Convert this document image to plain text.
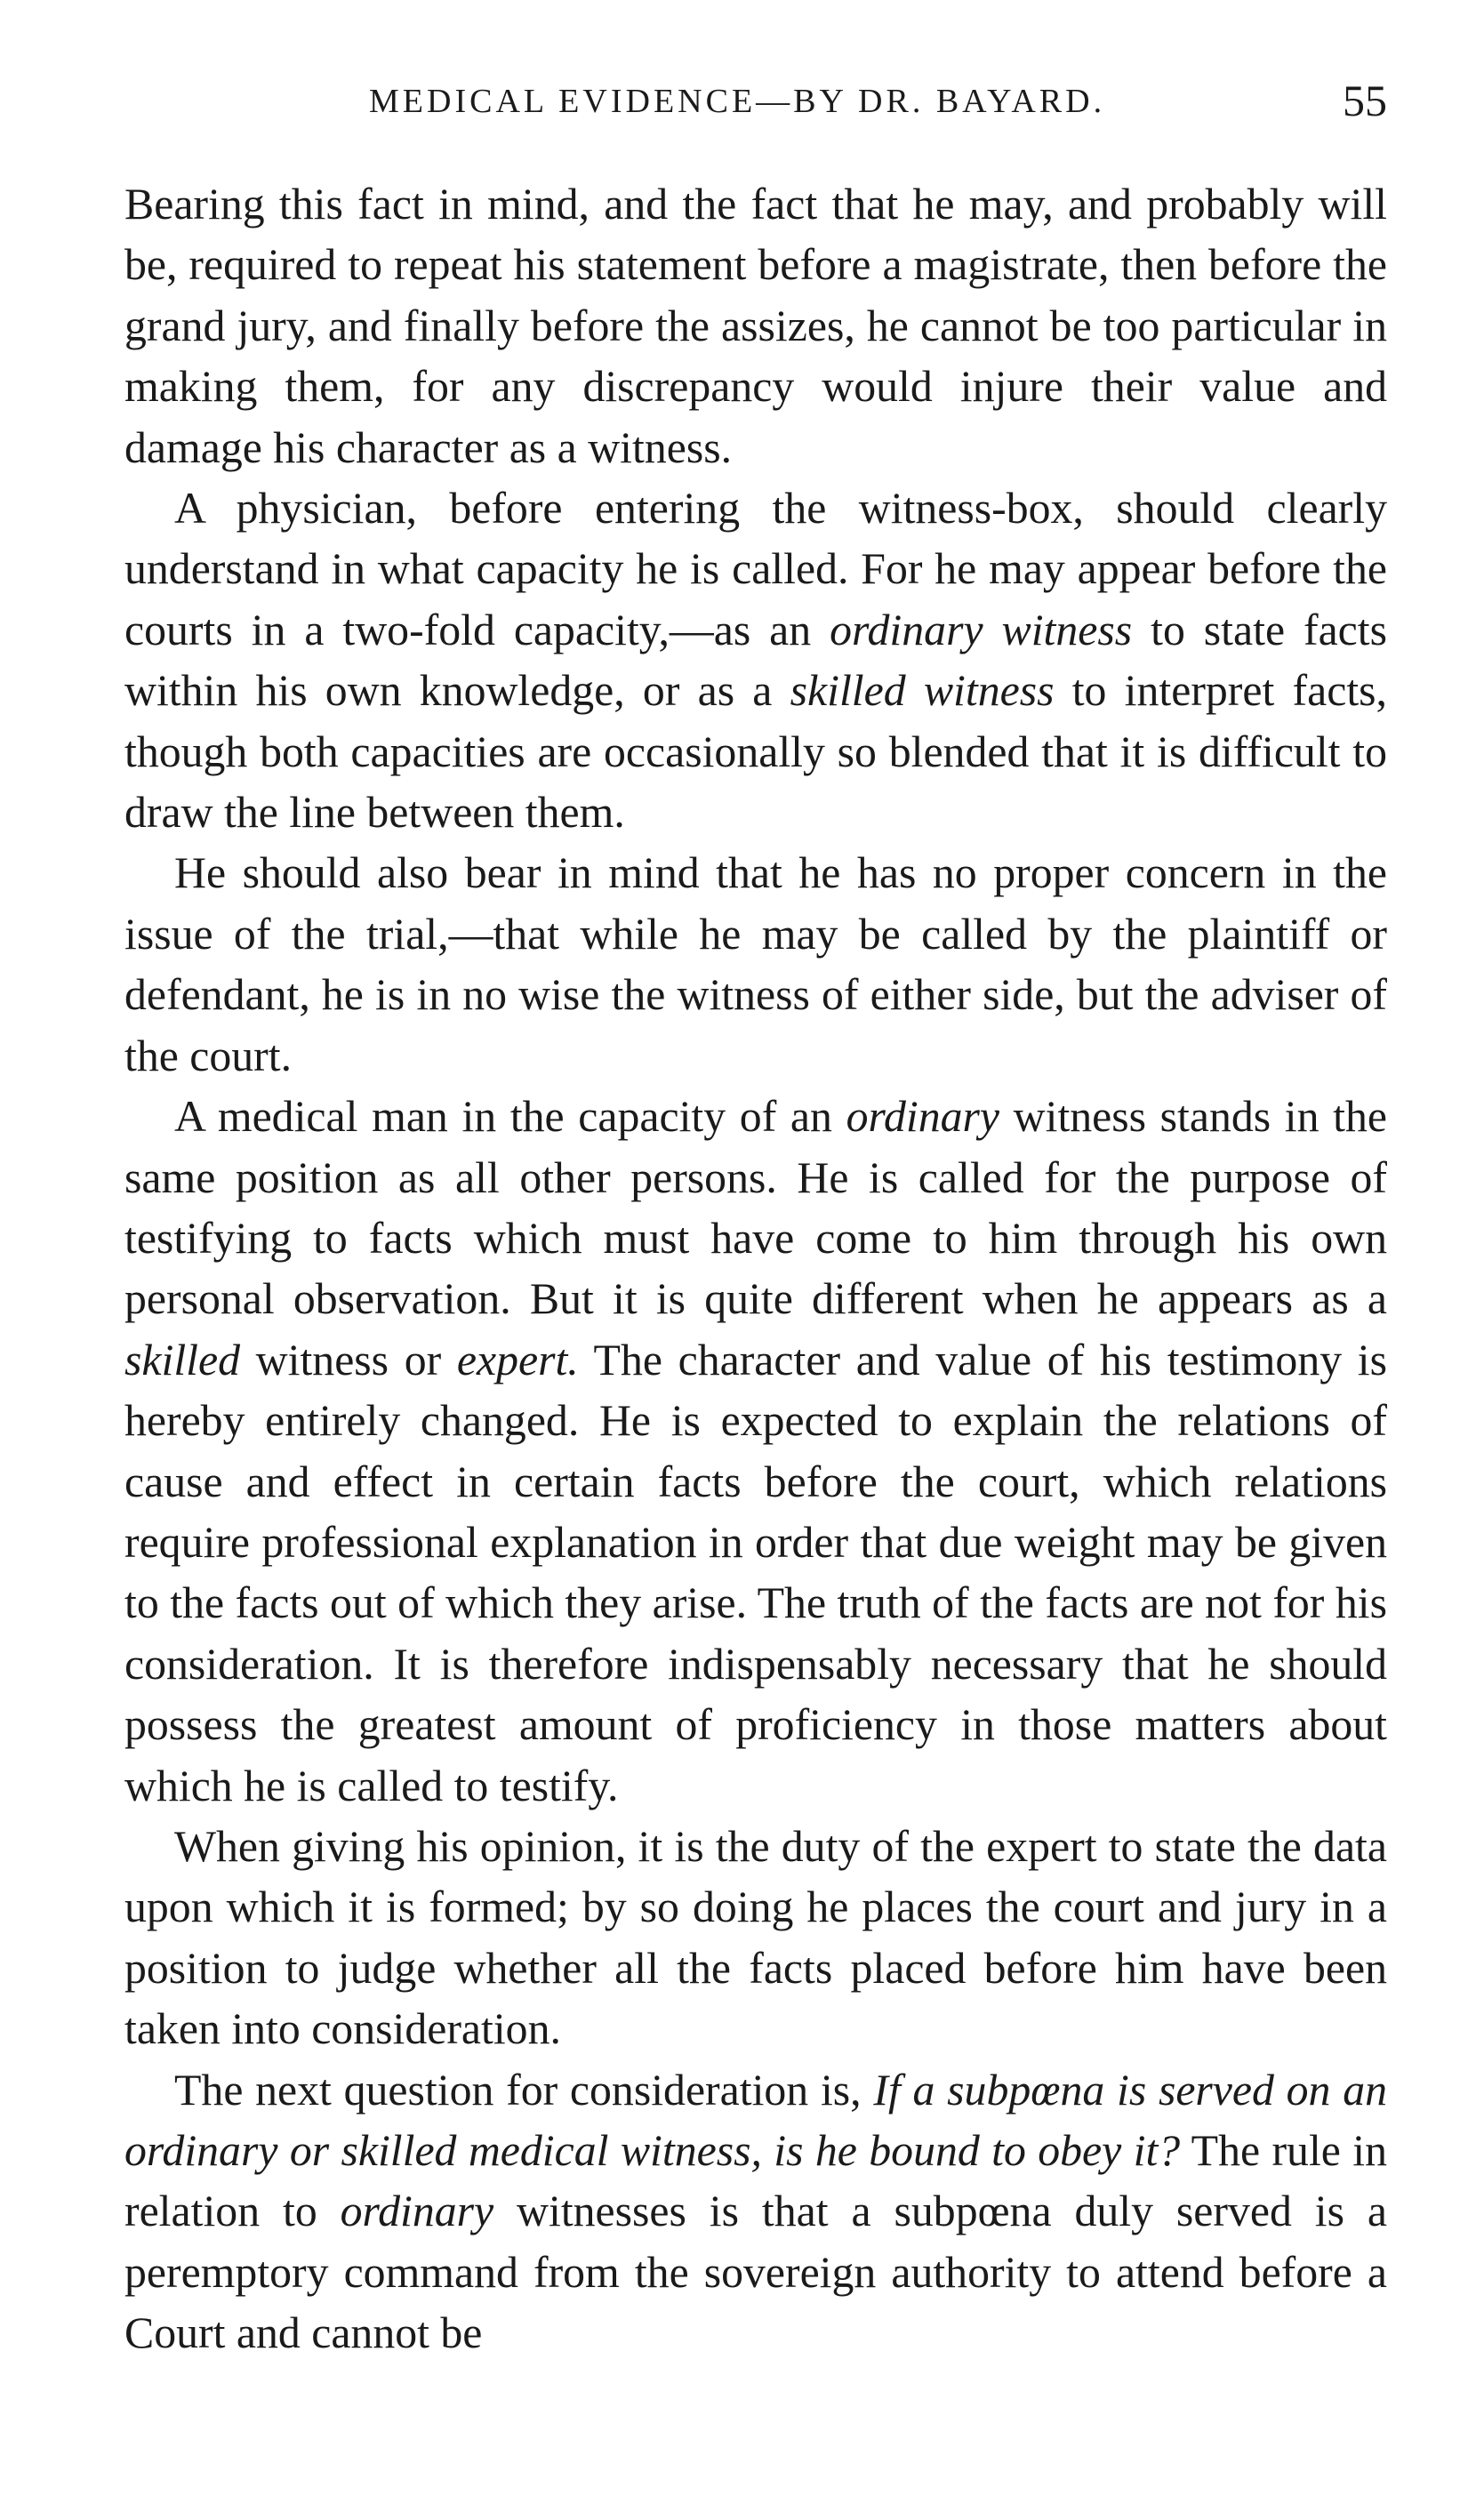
MEDICAL EVIDENCE—BY DR. BAYARD.	55

Bearing this fact in mind, and the fact that he may, and probably will be, required to repeat his statement before a magistrate, then before the grand jury, and finally before the assizes, he cannot be too particular in making them, for any discrepancy would injure their value and damage his character as a witness.

A physician, before entering the witness-box, should clearly understand in what capacity he is called. For he may appear before the courts in a two-fold capacity,—as an ordinary witness to state facts within his own knowledge, or as a skilled witness to interpret facts, though both capacities are occasionally so blended that it is difficult to draw the line between them.

He should also bear in mind that he has no proper concern in the issue of the trial,—that while he may be called by the plaintiff or defendant, he is in no wise the witness of either side, but the adviser of the court.

A medical man in the capacity of an ordinary witness stands in the same position as all other persons. He is called for the purpose of testifying to facts which must have come to him through his own personal observation. But it is quite different when he appears as a skilled witness or expert. The character and value of his testimony is hereby entirely changed. He is expected to explain the relations of cause and effect in certain facts before the court, which relations require professional explanation in order that due weight may be given to the facts out of which they arise. The truth of the facts are not for his consideration. It is therefore indispensably necessary that he should possess the greatest amount of proficiency in those matters about which he is called to testify.

When giving his opinion, it is the duty of the expert to state the data upon which it is formed; by so doing he places the court and jury in a position to judge whether all the facts placed before him have been taken into consideration.

The next question for consideration is, If a subpœna is served on an ordinary or skilled medical witness, is he bound to obey it? The rule in relation to ordinary witnesses is that a subpœna duly served is a peremptory command from the sovereign authority to attend before a Court and cannot be
